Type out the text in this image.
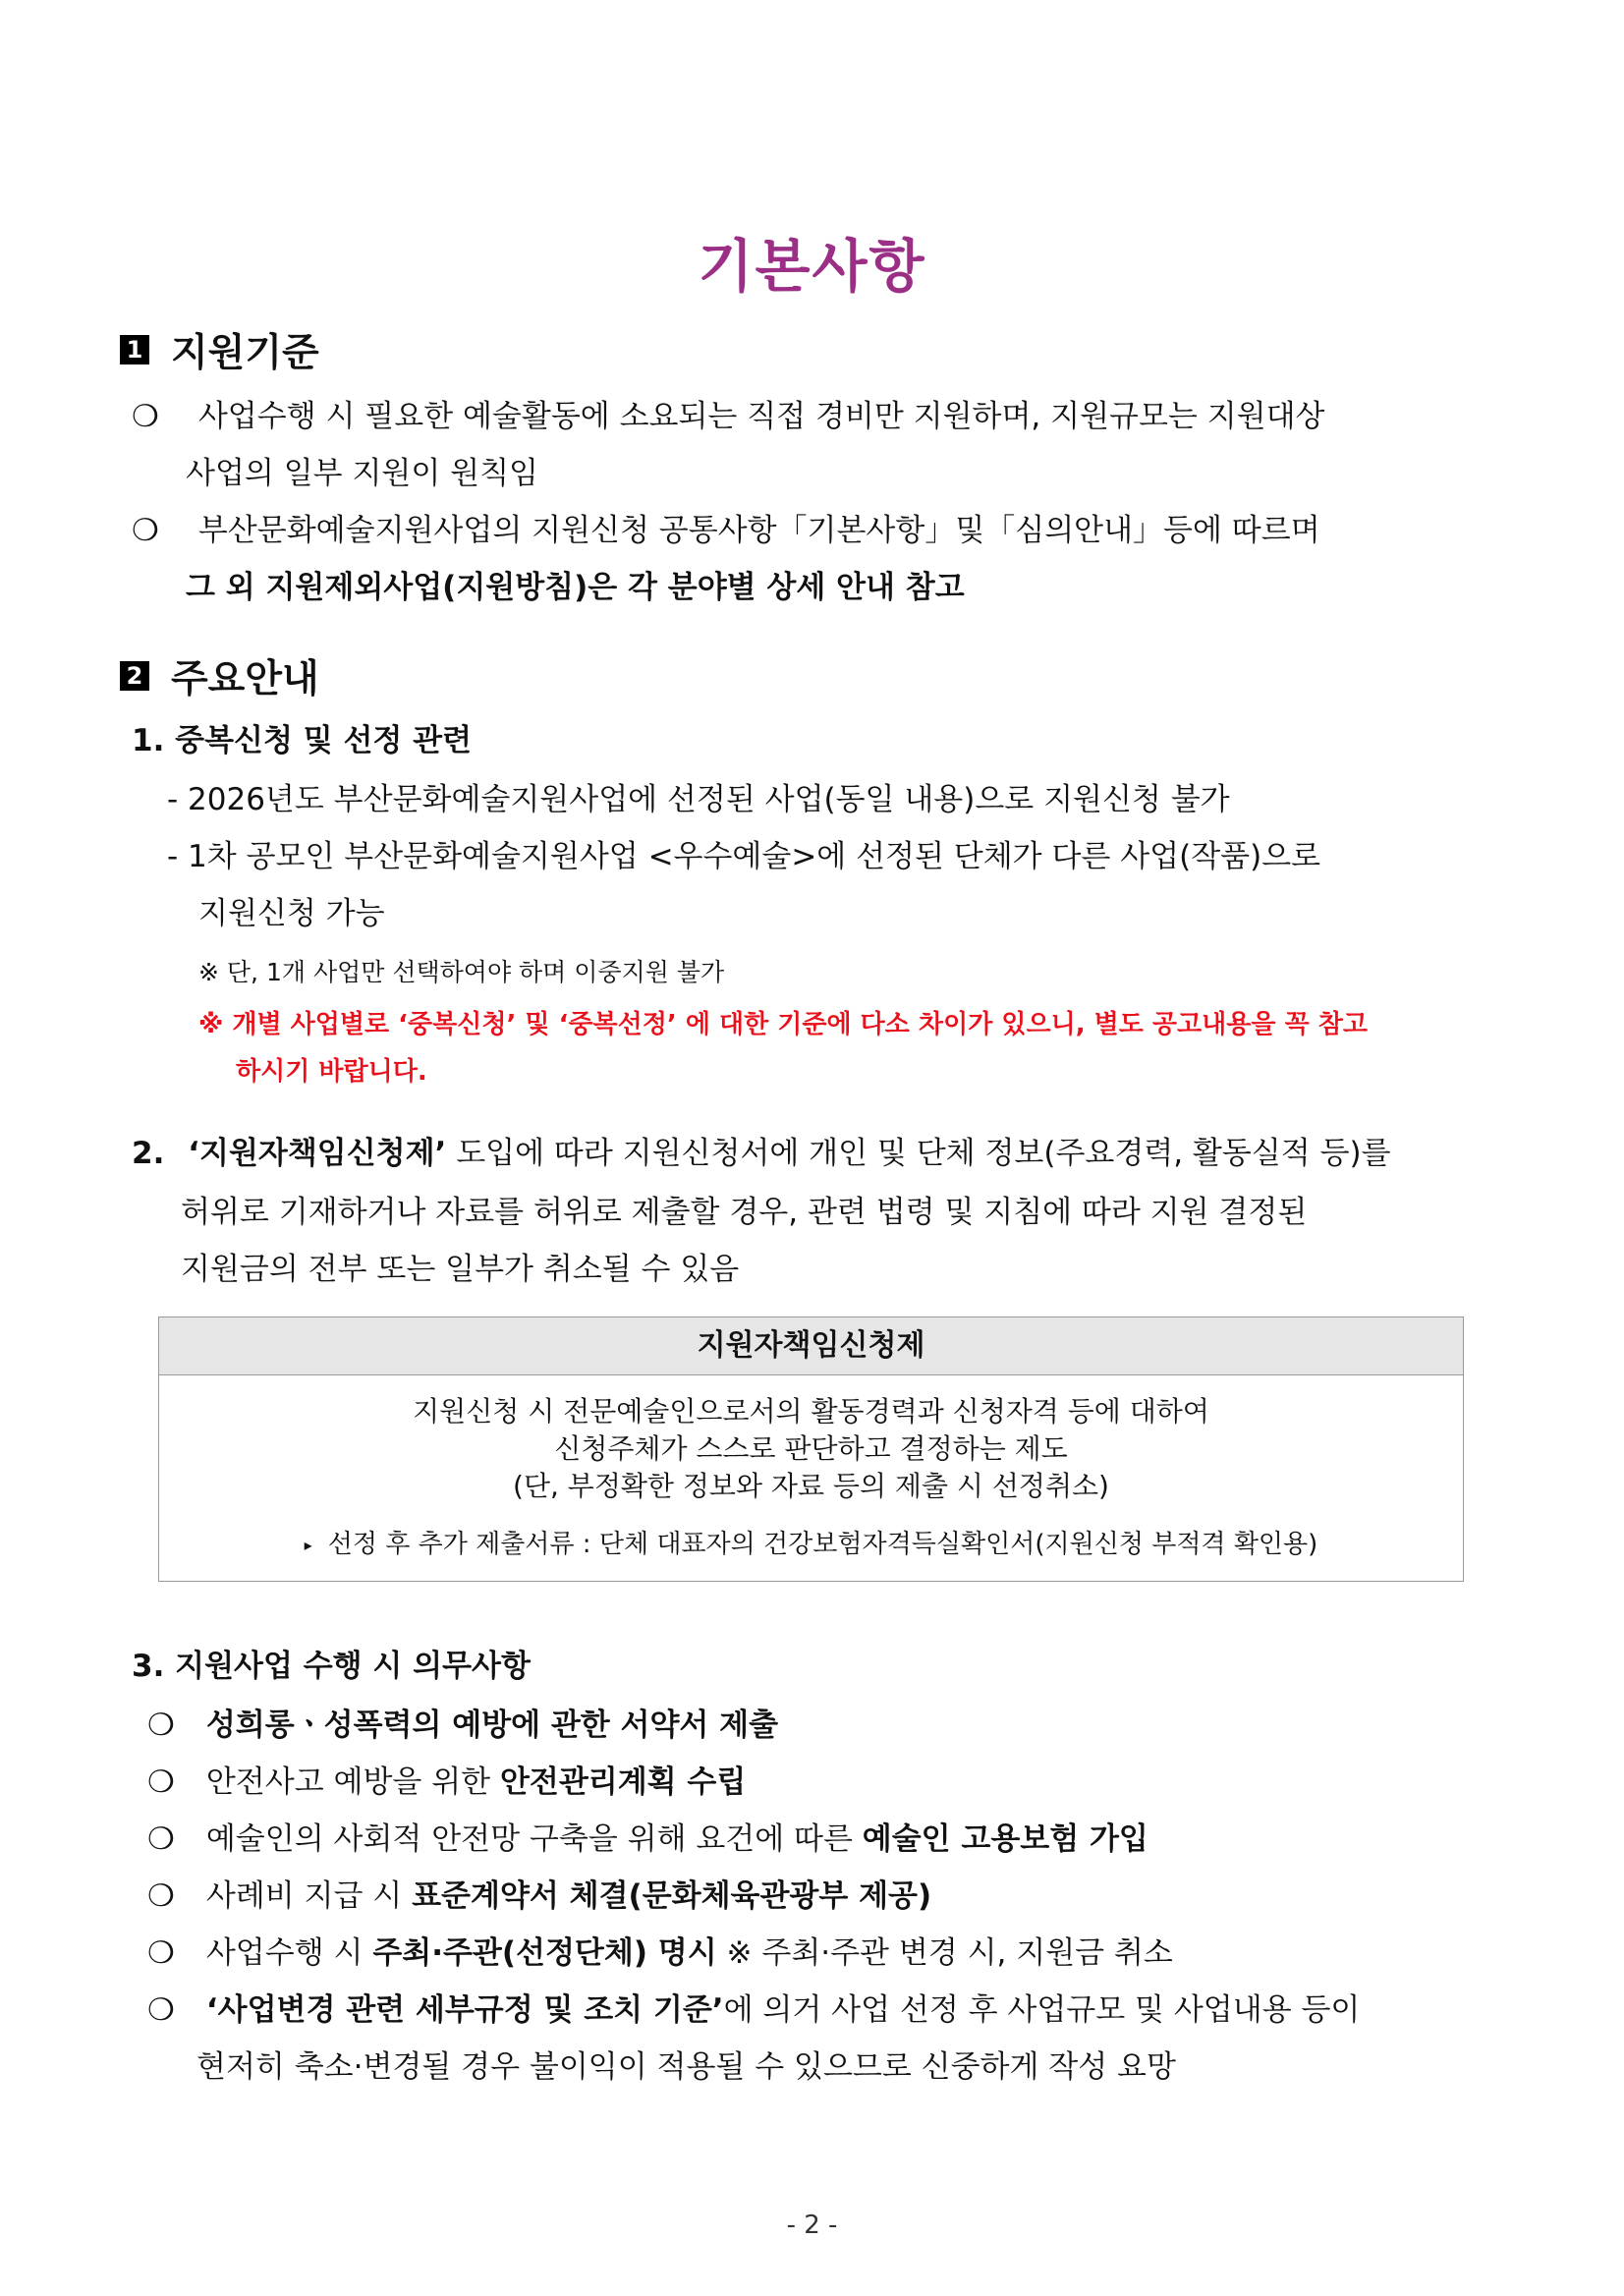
기본사항
1 지원기준
❍ 사업수행 시 필요한 예술활동에 소요되는 직접 경비만 지원하며, 지원규모는 지원대상
사업의 일부 지원이 원칙임
❍ 부산문화예술지원사업의 지원신청 공통사항「기본사항」및「심의안내」등에 따르며
그 외 지원제외사업(지원방침)은 각 분야별 상세 안내 참고
2 주요안내
1. 중복신청 및 선정 관련
- 2026년도 부산문화예술지원사업에 선정된 사업(동일 내용)으로 지원신청 불가
- 1차 공모인 부산문화예술지원사업 <우수예술>에 선정된 단체가 다른 사업(작품)으로
지원신청 가능
※ 단, 1개 사업만 선택하여야 하며 이중지원 불가
※ 개별 사업별로 ‘중복신청’ 및 ‘중복선정’ 에 대한 기준에 다소 차이가 있으니, 별도 공고내용을 꼭 참고
하시기 바랍니다.
2. ‘지원자책임신청제’ 도입에 따라 지원신청서에 개인 및 단체 정보(주요경력, 활동실적 등)를
허위로 기재하거나 자료를 허위로 제출할 경우, 관련 법령 및 지침에 따라 지원 결정된
지원금의 전부 또는 일부가 취소될 수 있음
지원자책임신청제
지원신청 시 전문예술인으로서의 활동경력과 신청자격 등에 대하여
신청주체가 스스로 판단하고 결정하는 제도
(단, 부정확한 정보와 자료 등의 제출 시 선정취소)
▸ 선정 후 추가 제출서류 : 단체 대표자의 건강보험자격득실확인서(지원신청 부적격 확인용)
3. 지원사업 수행 시 의무사항
❍ 성희롱ㆍ성폭력의 예방에 관한 서약서 제출
❍ 안전사고 예방을 위한 안전관리계획 수립
❍ 예술인의 사회적 안전망 구축을 위해 요건에 따른 예술인 고용보험 가입
❍ 사례비 지급 시 표준계약서 체결(문화체육관광부 제공)
❍ 사업수행 시 주최·주관(선정단체) 명시 ※ 주최·주관 변경 시, 지원금 취소
❍ ‘사업변경 관련 세부규정 및 조치 기준’에 의거 사업 선정 후 사업규모 및 사업내용 등이
현저히 축소·변경될 경우 불이익이 적용될 수 있으므로 신중하게 작성 요망
- 2 -
